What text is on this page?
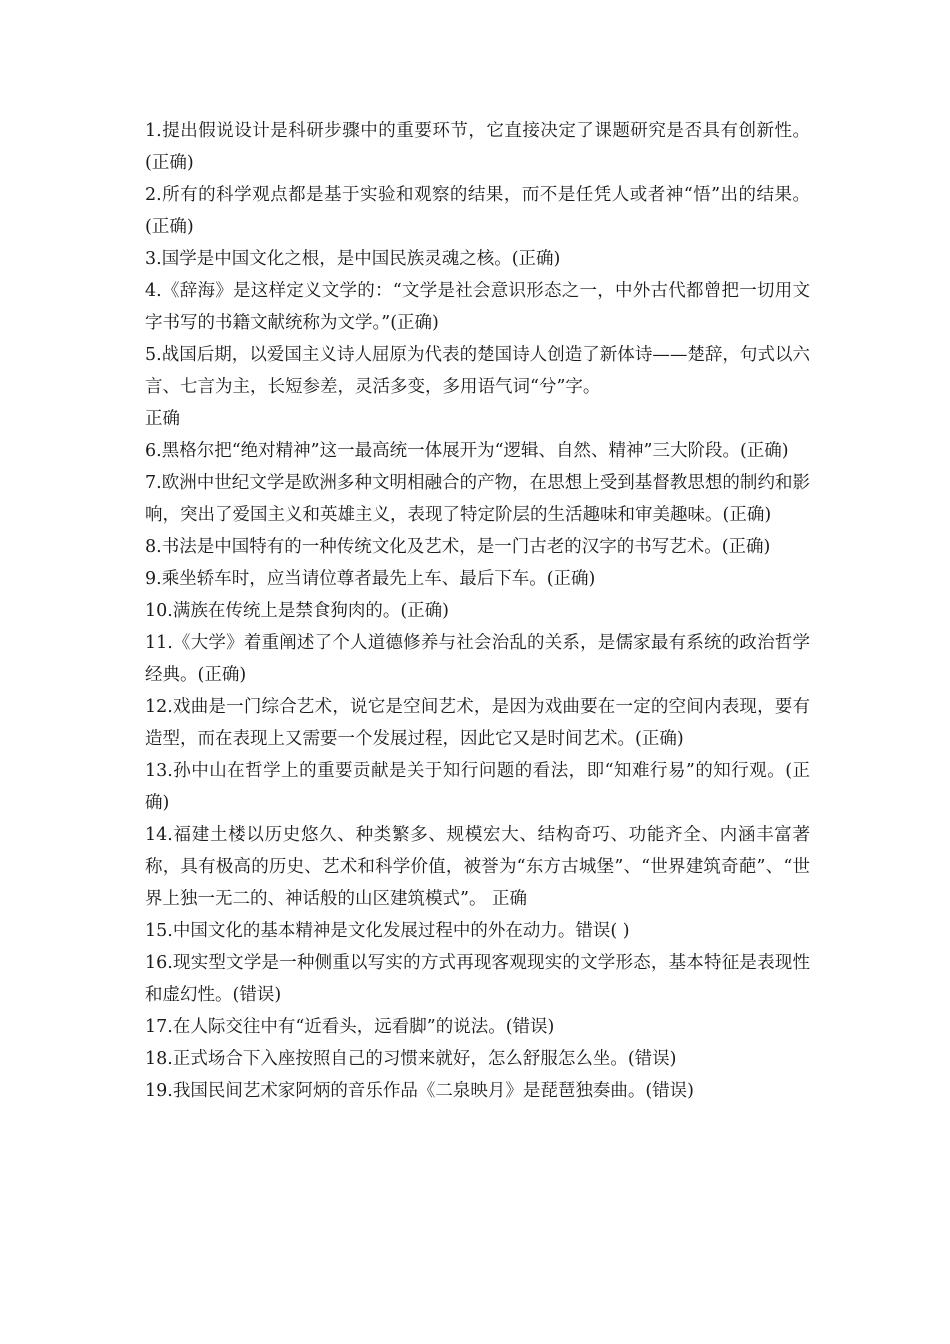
1.提出假说设计是科研步骤中的重要环节，它直接决定了课题研究是否具有创新性。(正确)

2.所有的科学观点都是基于实验和观察的结果，而不是任凭人或者神“悟”出的结果。(正确)

3.国学是中国文化之根，是中国民族灵魂之核。(正确)

4.《辞海》是这样定义文学的：“文学是社会意识形态之一，中外古代都曾把一切用文字书写的书籍文献统称为文学。”(正确)

5.战国后期，以爱国主义诗人屈原为代表的楚国诗人创造了新体诗——楚辞，句式以六言、七言为主，长短参差，灵活多变，多用语气词“兮”字。

正确

6.黑格尔把“绝对精神”这一最高统一体展开为“逻辑、自然、精神”三大阶段。(正确)

7.欧洲中世纪文学是欧洲多种文明相融合的产物，在思想上受到基督教思想的制约和影响，突出了爱国主义和英雄主义，表现了特定阶层的生活趣味和审美趣味。(正确)

8.书法是中国特有的一种传统文化及艺术，是一门古老的汉字的书写艺术。(正确)

9.乘坐轿车时，应当请位尊者最先上车、最后下车。(正确)

10.满族在传统上是禁食狗肉的。(正确)

11.《大学》着重阐述了个人道德修养与社会治乱的关系，是儒家最有系统的政治哲学经典。(正确)

12.戏曲是一门综合艺术，说它是空间艺术，是因为戏曲要在一定的空间内表现，要有造型，而在表现上又需要一个发展过程，因此它又是时间艺术。(正确)

13.孙中山在哲学上的重要贡献是关于知行问题的看法，即“知难行易”的知行观。(正确)

14.福建土楼以历史悠久、种类繁多、规模宏大、结构奇巧、功能齐全、内涵丰富著称，具有极高的历史、艺术和科学价值，被誉为“东方古城堡”、“世界建筑奇葩”、“世界上独一无二的、神话般的山区建筑模式”。 正确

15.中国文化的基本精神是文化发展过程中的外在动力。错误( )

16.现实型文学是一种侧重以写实的方式再现客观现实的文学形态，基本特征是表现性和虚幻性。(错误)

17.在人际交往中有“近看头，远看脚”的说法。(错误)

18.正式场合下入座按照自己的习惯来就好，怎么舒服怎么坐。(错误)

19.我国民间艺术家阿炳的音乐作品《二泉映月》是琵琶独奏曲。(错误)
